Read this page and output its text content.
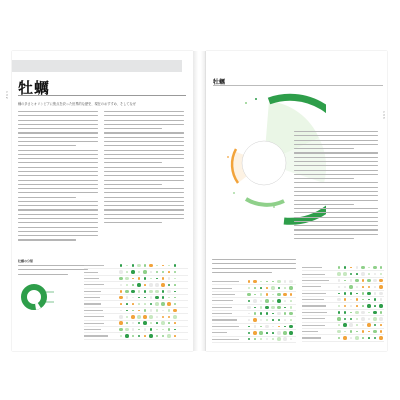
1 3 2 牡蠣
種の多さとオリンピアに焦点を絞った世界的な歴史、現在のおすすめ、そしてなぜ
牡蠣の分類
1 3 3
牡蠣
